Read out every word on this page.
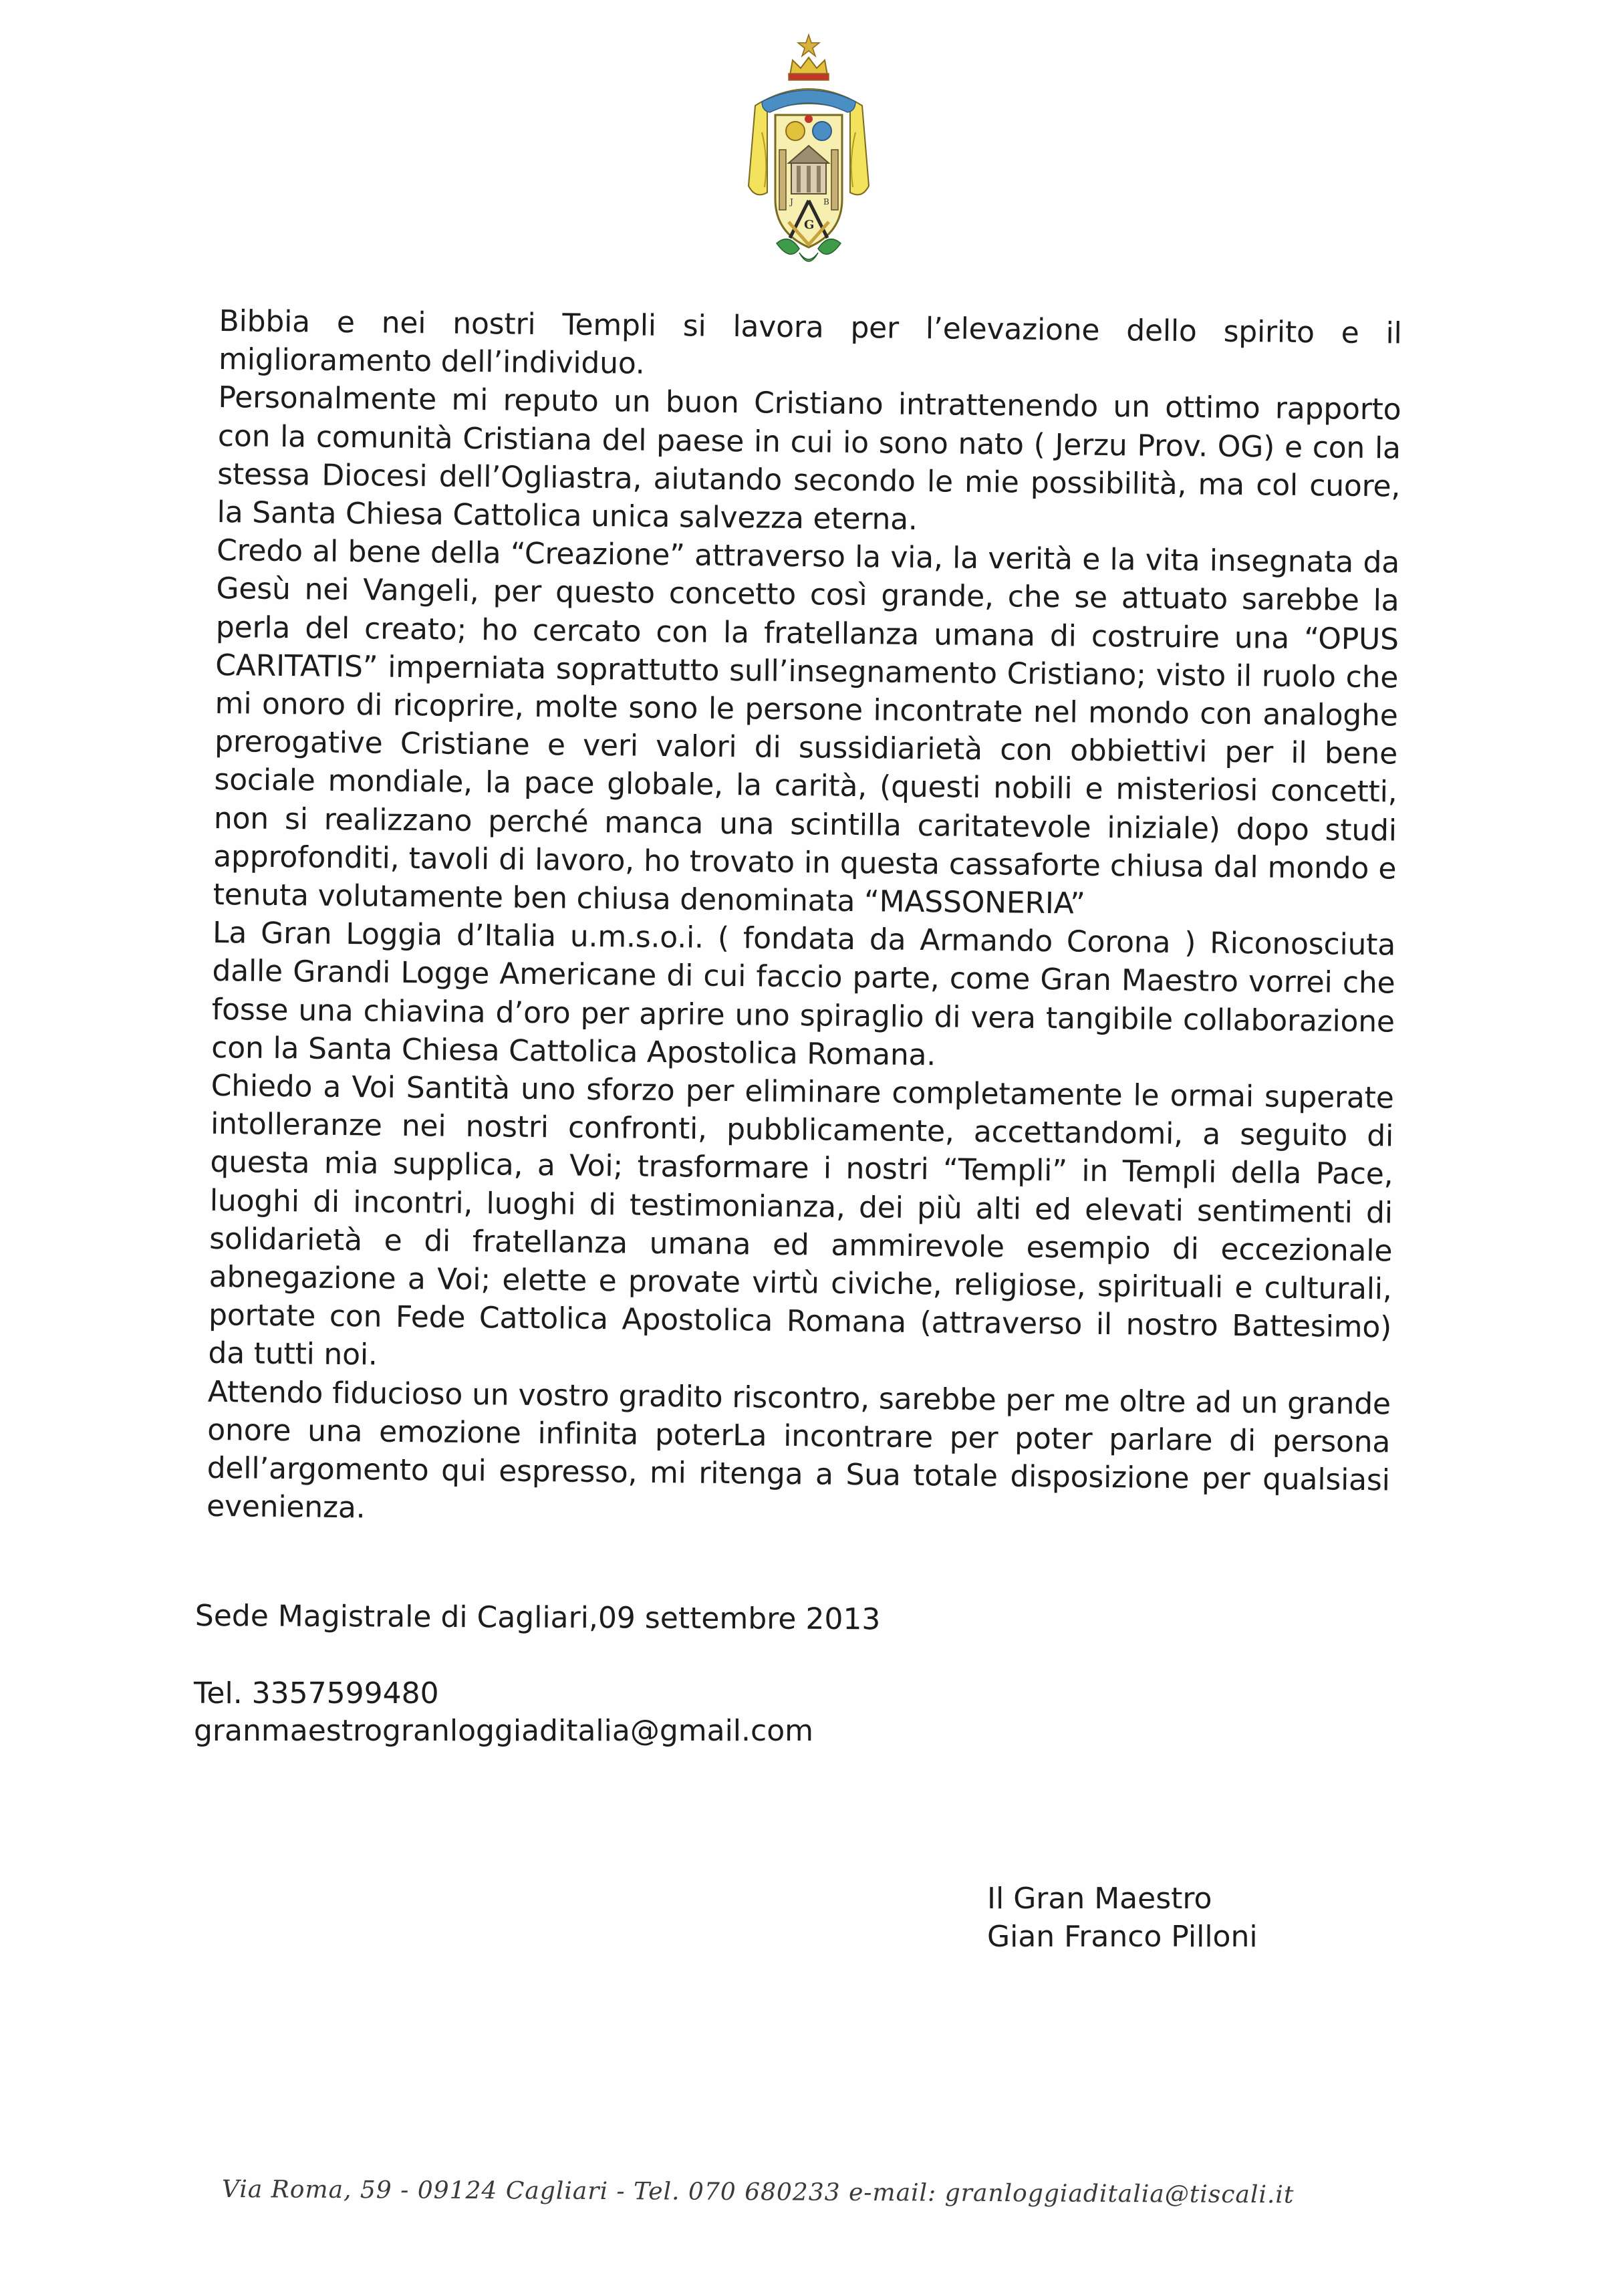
J	B
G

Bibbia e nei nostri Templi si lavora per l’elevazione dello spirito e il miglioramento dell’individuo.

Personalmente mi reputo un buon Cristiano intrattenendo un ottimo rapporto con la comunità Cristiana del paese in cui io sono nato ( Jerzu Prov. OG) e con la stessa Diocesi dell’Ogliastra, aiutando secondo le mie possibilità, ma col cuore, la Santa Chiesa Cattolica unica salvezza eterna.

Credo al bene della “Creazione” attraverso la via, la verità e la vita insegnata da Gesù nei Vangeli, per questo concetto così grande, che se attuato sarebbe la perla del creato; ho cercato con la fratellanza umana di costruire una “OPUS CARITATIS” imperniata soprattutto sull’insegnamento Cristiano; visto il ruolo che mi onoro di ricoprire, molte sono le persone incontrate nel mondo con analoghe prerogative Cristiane e veri valori di sussidiarietà con obbiettivi per il bene sociale mondiale, la pace globale, la carità, (questi nobili e misteriosi concetti, non si realizzano perché manca una scintilla caritatevole iniziale) dopo studi approfonditi, tavoli di lavoro, ho trovato in questa cassaforte chiusa dal mondo e tenuta volutamente ben chiusa denominata “MASSONERIA”

La Gran Loggia d’Italia u.m.s.o.i. ( fondata da Armando Corona ) Riconosciuta dalle Grandi Logge Americane di cui faccio parte, come Gran Maestro vorrei che fosse una chiavina d’oro per aprire uno spiraglio di vera tangibile collaborazione con la Santa Chiesa Cattolica Apostolica Romana.

Chiedo a Voi Santità uno sforzo per eliminare completamente le ormai superate intolleranze nei nostri confronti, pubblicamente, accettandomi, a seguito di questa mia supplica, a Voi; trasformare i nostri “Templi” in Templi della Pace, luoghi di incontri, luoghi di testimonianza, dei più alti ed elevati sentimenti di solidarietà e di fratellanza umana ed ammirevole esempio di eccezionale abnegazione a Voi; elette e provate virtù civiche, religiose, spirituali e culturali, portate con Fede Cattolica Apostolica Romana (attraverso il nostro Battesimo) da tutti noi.

Attendo fiducioso un vostro gradito riscontro, sarebbe per me oltre ad un grande onore una emozione infinita poterLa incontrare per poter parlare di persona dell’argomento qui espresso, mi ritenga a Sua totale disposizione per qualsiasi evenienza.

Sede Magistrale di Cagliari,09 settembre 2013
Tel. 3357599480
granmaestrogranloggiaditalia@gmail.com
Il Gran Maestro
Gian Franco Pilloni
Via Roma, 59 - 09124 Cagliari - Tel. 070 680233 e-mail: granloggiaditalia@tiscali.it
